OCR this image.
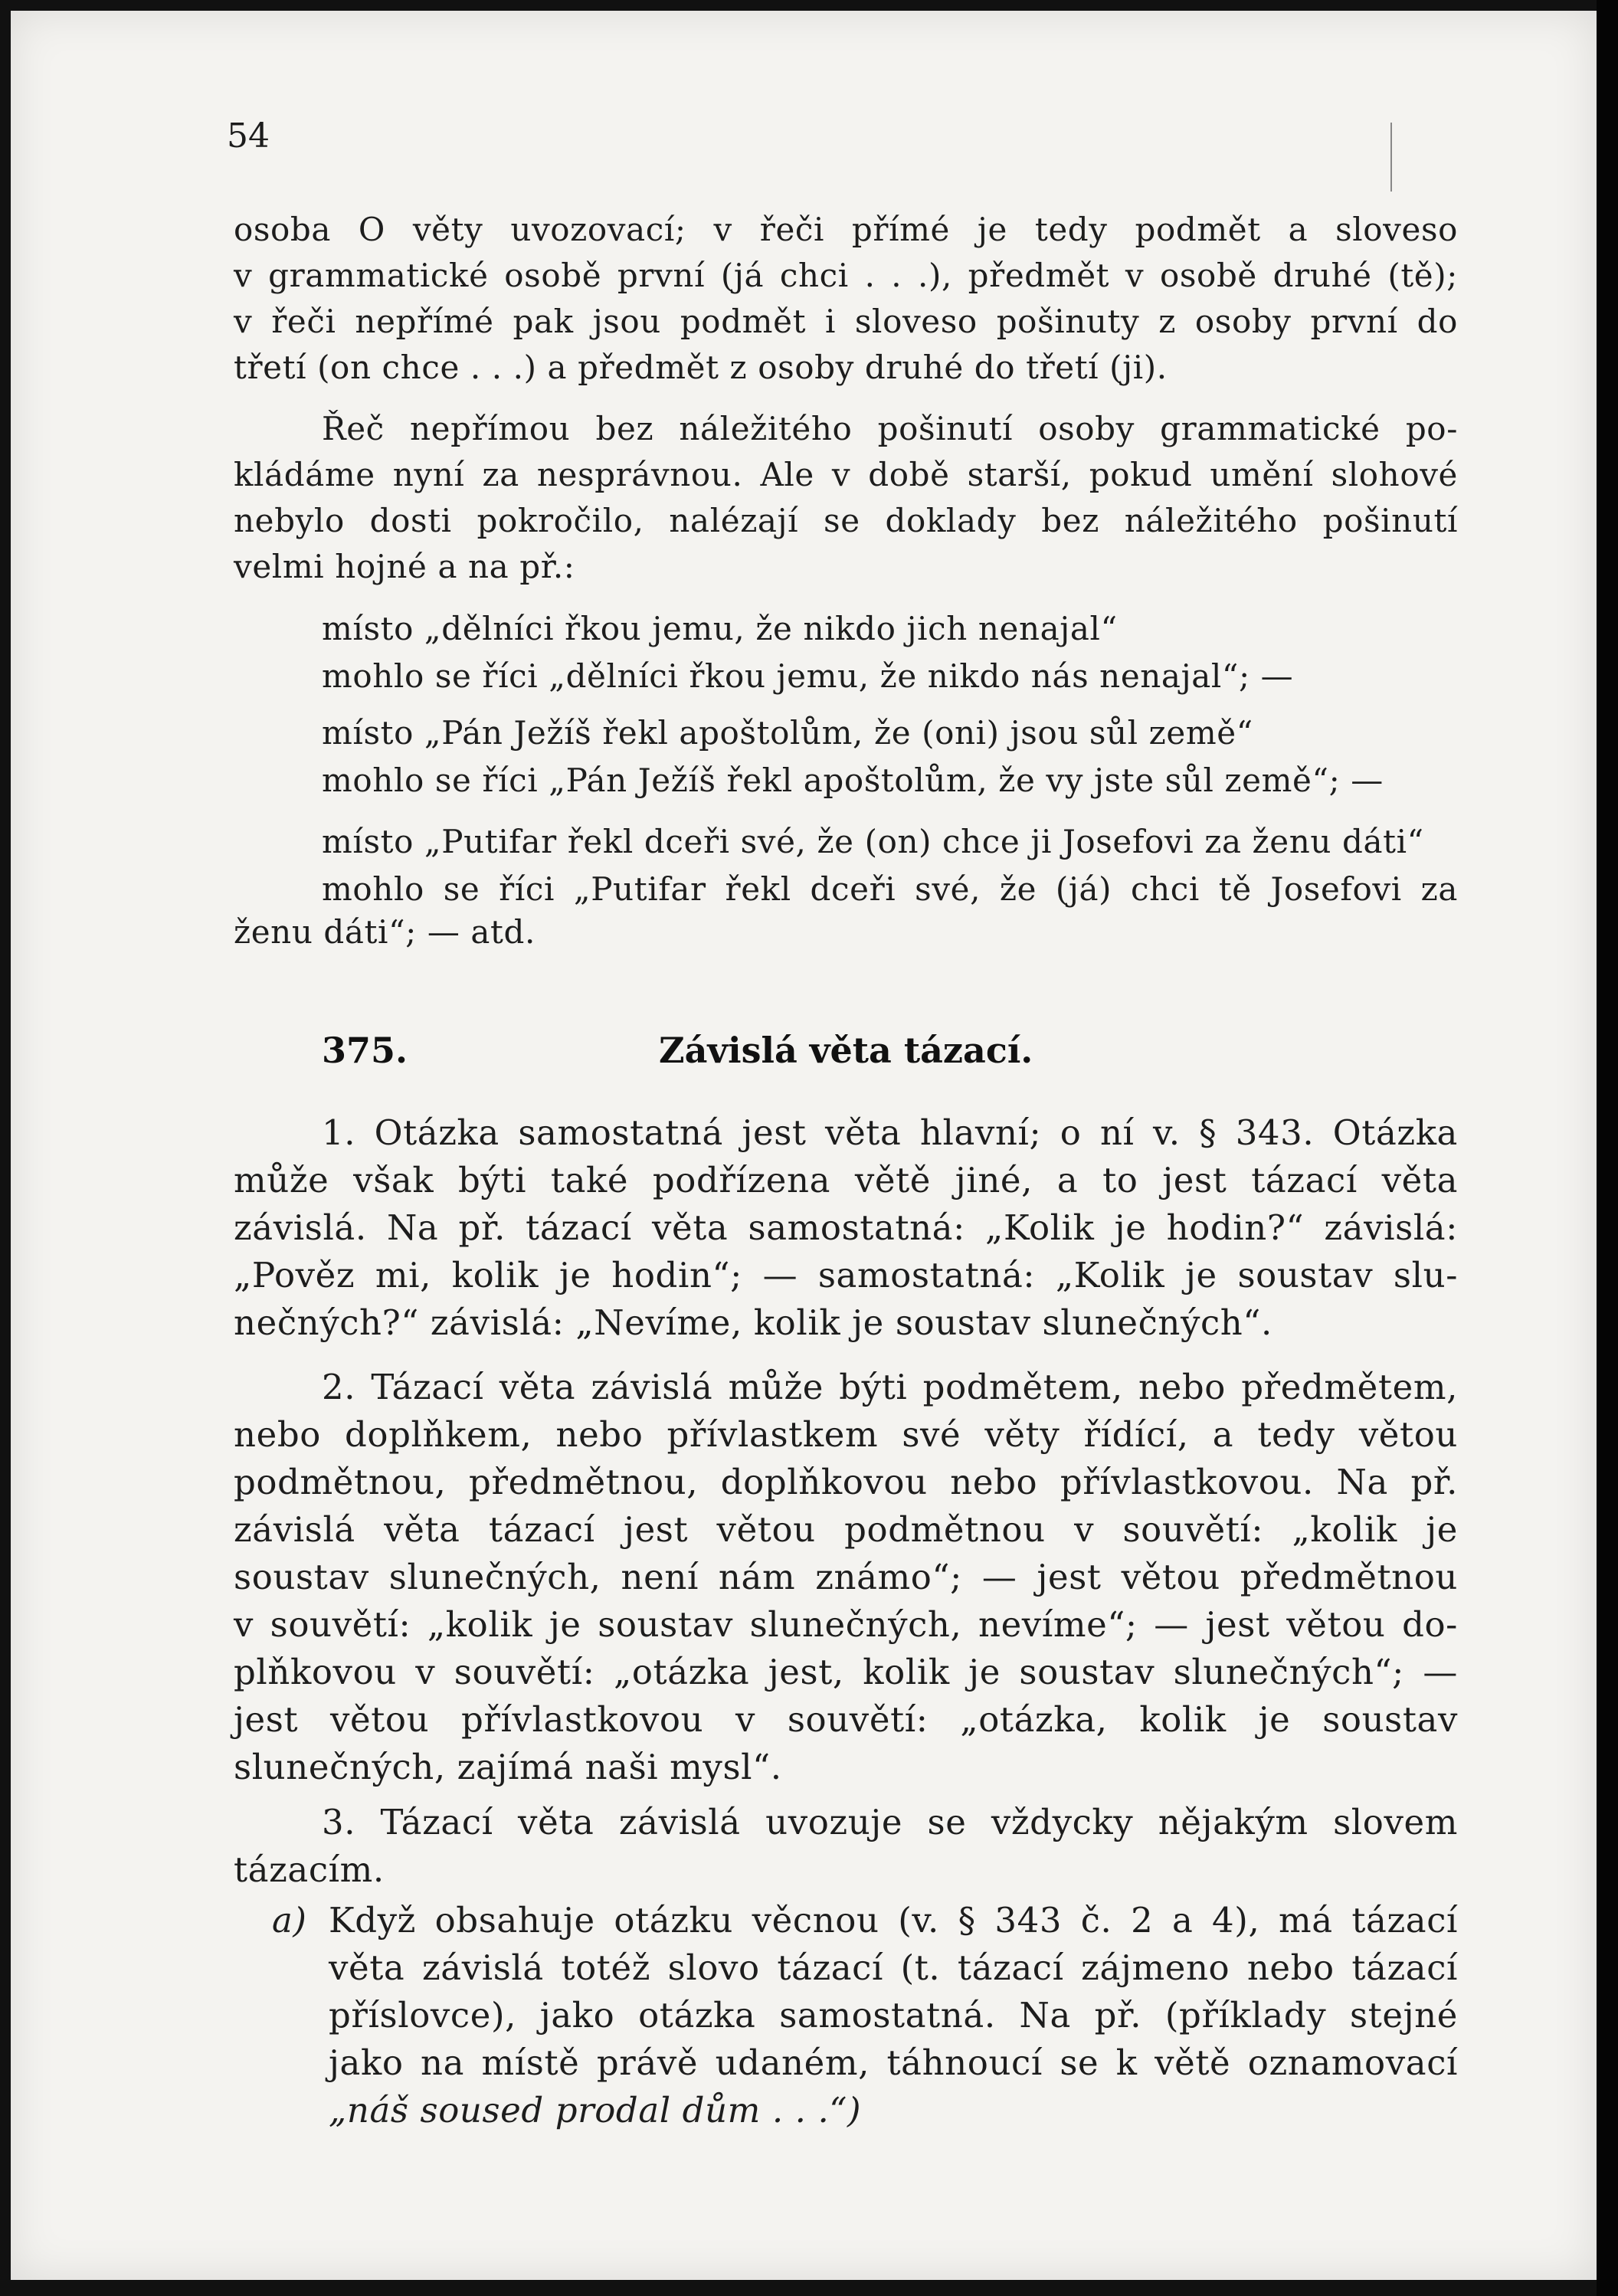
54
osoba O věty uvozovací; v řeči přímé je tedy podmět a sloveso
v grammatické osobě první (já chci . . .), předmět v osobě druhé (tě);
v řeči nepřímé pak jsou podmět i sloveso pošinuty z osoby první do
třetí (on chce . . .) a předmět z osoby druhé do třetí (ji).
Řeč nepřímou bez náležitého pošinutí osoby grammatické po-
kládáme nyní za nesprávnou. Ale v době starší, pokud umění slohové
nebylo dosti pokročilo, nalézají se doklady bez náležitého pošinutí
velmi hojné a na př.:
místo „dělníci řkou jemu, že nikdo jich nenajal“
mohlo se říci „dělníci řkou jemu, že nikdo nás nenajal“; —
místo „Pán Ježíš řekl apoštolům, že (oni) jsou sůl země“
mohlo se říci „Pán Ježíš řekl apoštolům, že vy jste sůl země“; —
místo „Putifar řekl dceři své, že (on) chce ji Josefovi za ženu dáti“
mohlo se říci „Putifar řekl dceři své, že (já) chci tě Josefovi za
ženu dáti“; — atd.
375.	Závislá věta tázací.
1. Otázka samostatná jest věta hlavní; o ní v. § 343. Otázka
může však býti také podřízena větě jiné, a to jest tázací věta
závislá. Na př. tázací věta samostatná: „Kolik je hodin?“ závislá:
„Pověz mi, kolik je hodin“; — samostatná: „Kolik je soustav slu-
nečných?“ závislá: „Nevíme, kolik je soustav slunečných“.
2. Tázací věta závislá může býti podmětem, nebo předmětem,
nebo doplňkem, nebo přívlastkem své věty řídící, a tedy větou
podmětnou, předmětnou, doplňkovou nebo přívlastkovou. Na př.
závislá věta tázací jest větou podmětnou v souvětí: „kolik je
soustav slunečných, není nám známo“; — jest větou předmětnou
v souvětí: „kolik je soustav slunečných, nevíme“; — jest větou do-
plňkovou v souvětí: „otázka jest, kolik je soustav slunečných“; —
jest větou přívlastkovou v souvětí: „otázka, kolik je soustav
slunečných, zajímá naši mysl“.
3. Tázací věta závislá uvozuje se vždycky nějakým slovem
tázacím.
a) Když obsahuje otázku věcnou (v. § 343 č. 2 a 4), má tázací
věta závislá totéž slovo tázací (t. tázací zájmeno nebo tázací
příslovce), jako otázka samostatná. Na př. (příklady stejné
jako na místě právě udaném, táhnoucí se k větě oznamovací
„náš soused prodal dům . . .“)
